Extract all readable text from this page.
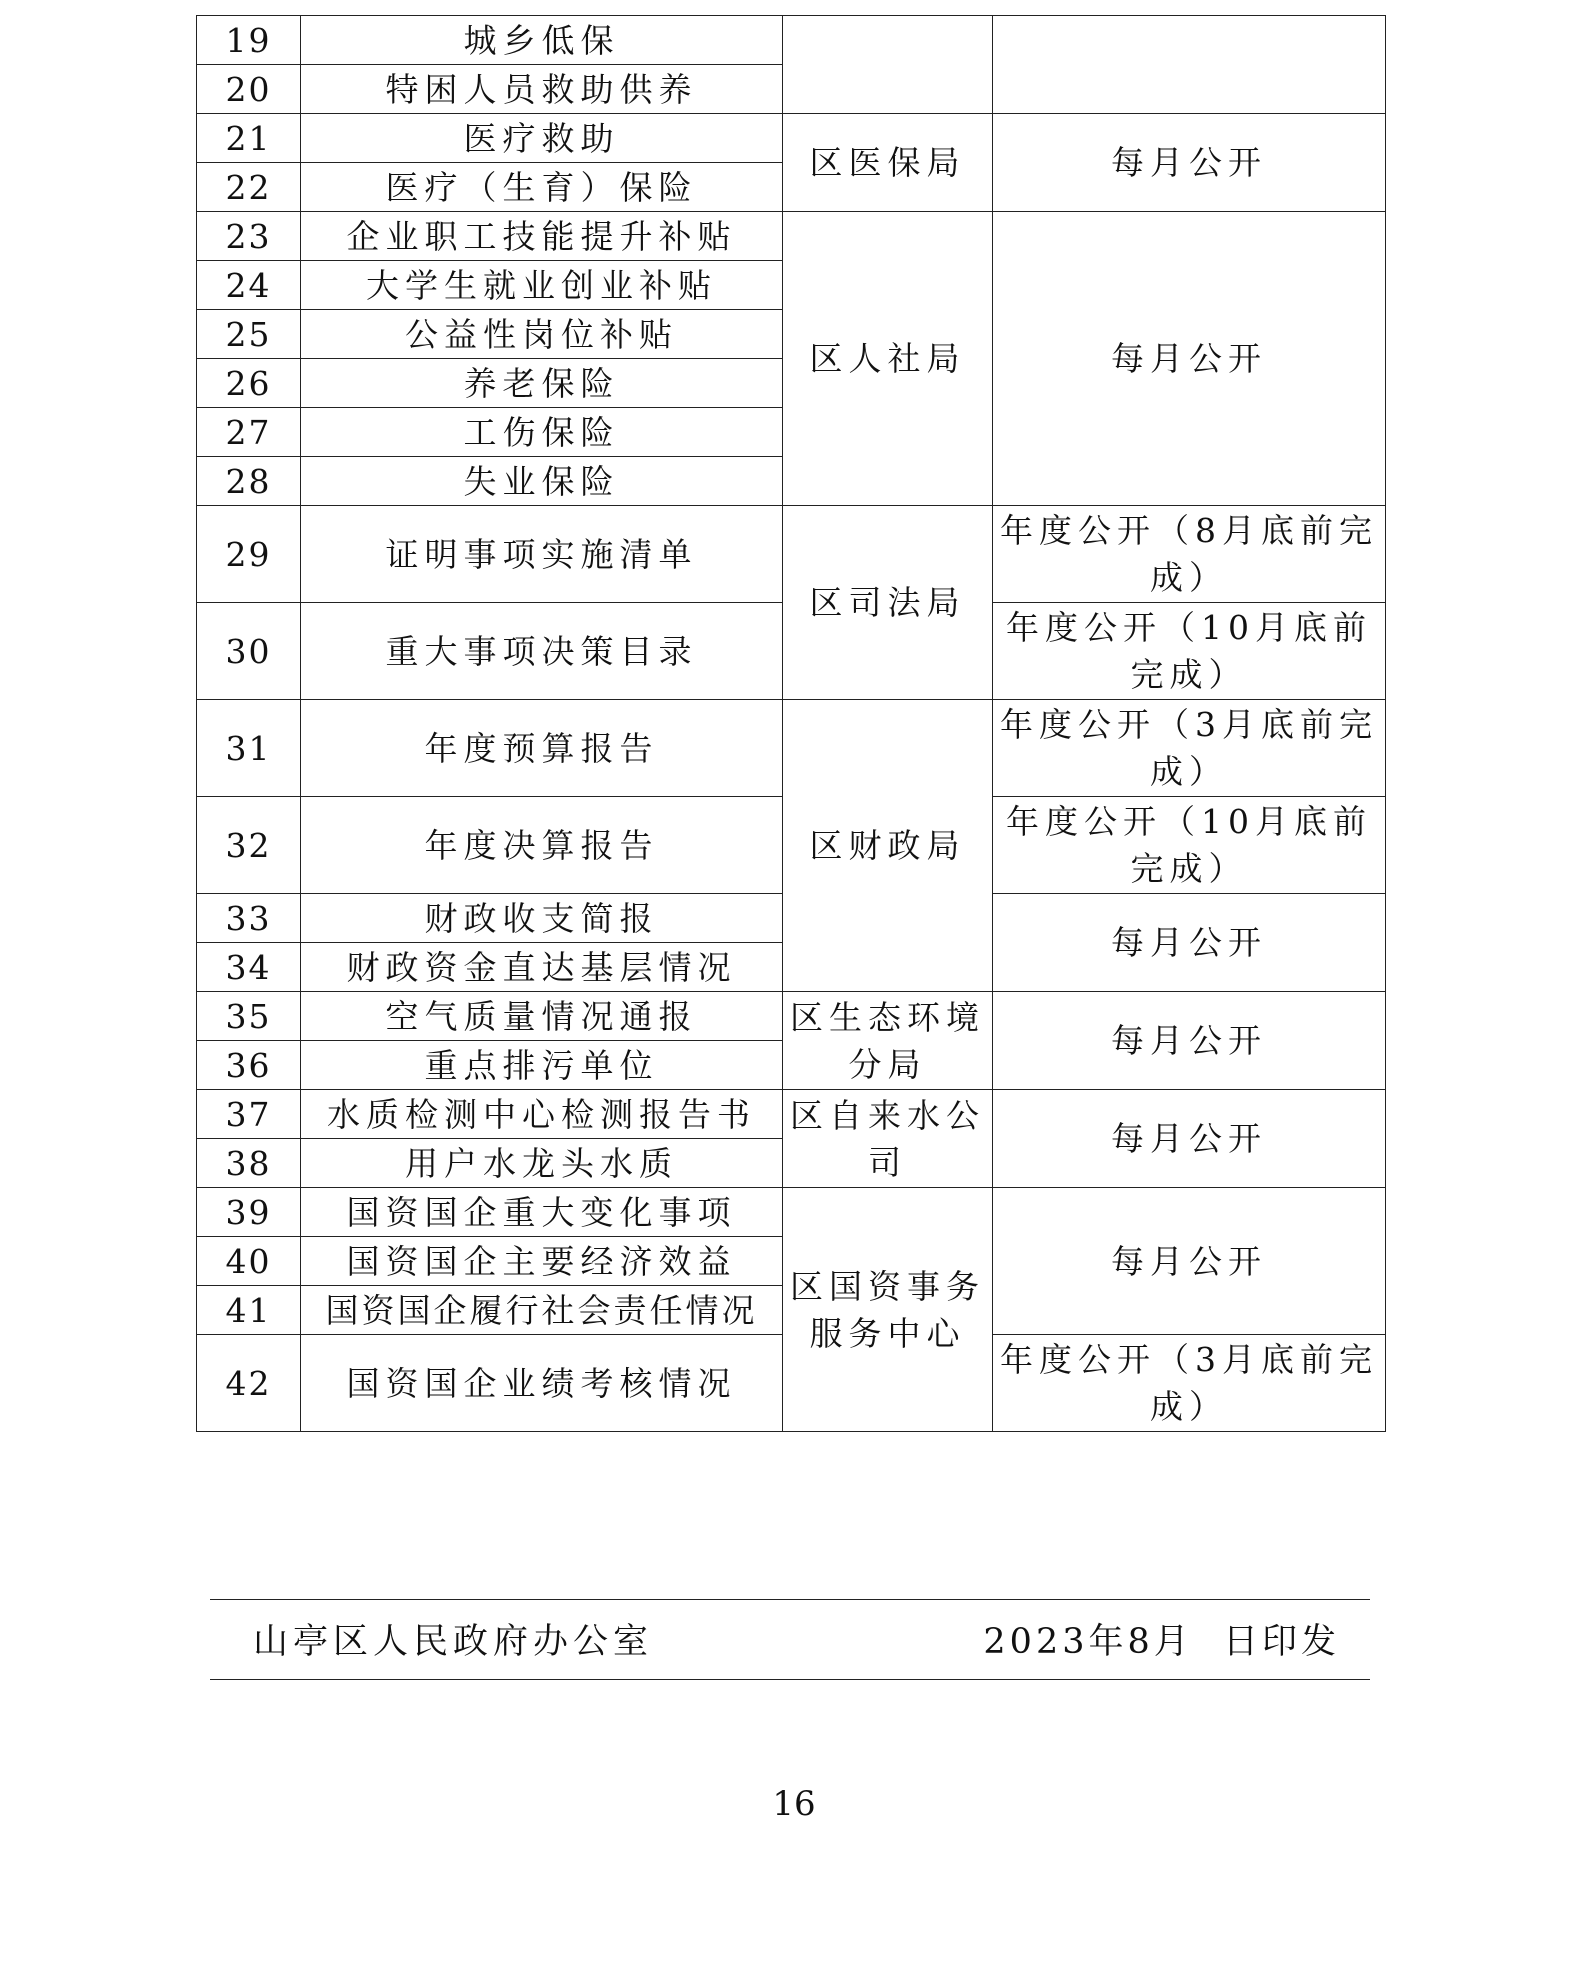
19	城乡低保		
20	特困人员救助供养		
21	医疗救助	区医保局	每月公开
22	医疗（生育）保险		
23	企业职工技能提升补贴	区人社局	每月公开
24	大学生就业创业补贴		
25	公益性岗位补贴		
26	养老保险		
27	工伤保险		
28	失业保险		
29	证明事项实施清单	区司法局	年度公开（8月底前完成）
30	重大事项决策目录		年度公开（10月底前完成）
31	年度预算报告	区财政局	年度公开（3月底前完成）
32	年度决算报告		年度公开（10月底前完成）
33	财政收支简报		每月公开
34	财政资金直达基层情况		
35	空气质量情况通报	区生态环境分局	每月公开
36	重点排污单位		
37	水质检测中心检测报告书	区自来水公司	每月公开
38	用户水龙头水质		
39	国资国企重大变化事项	区国资事务服务中心	每月公开
40	国资国企主要经济效益		
41	国资国企履行社会责任情况		
42	国资国企业绩考核情况		年度公开（3月底前完成）
山亭区人民政府办公室	2023年8月  日印发
16
